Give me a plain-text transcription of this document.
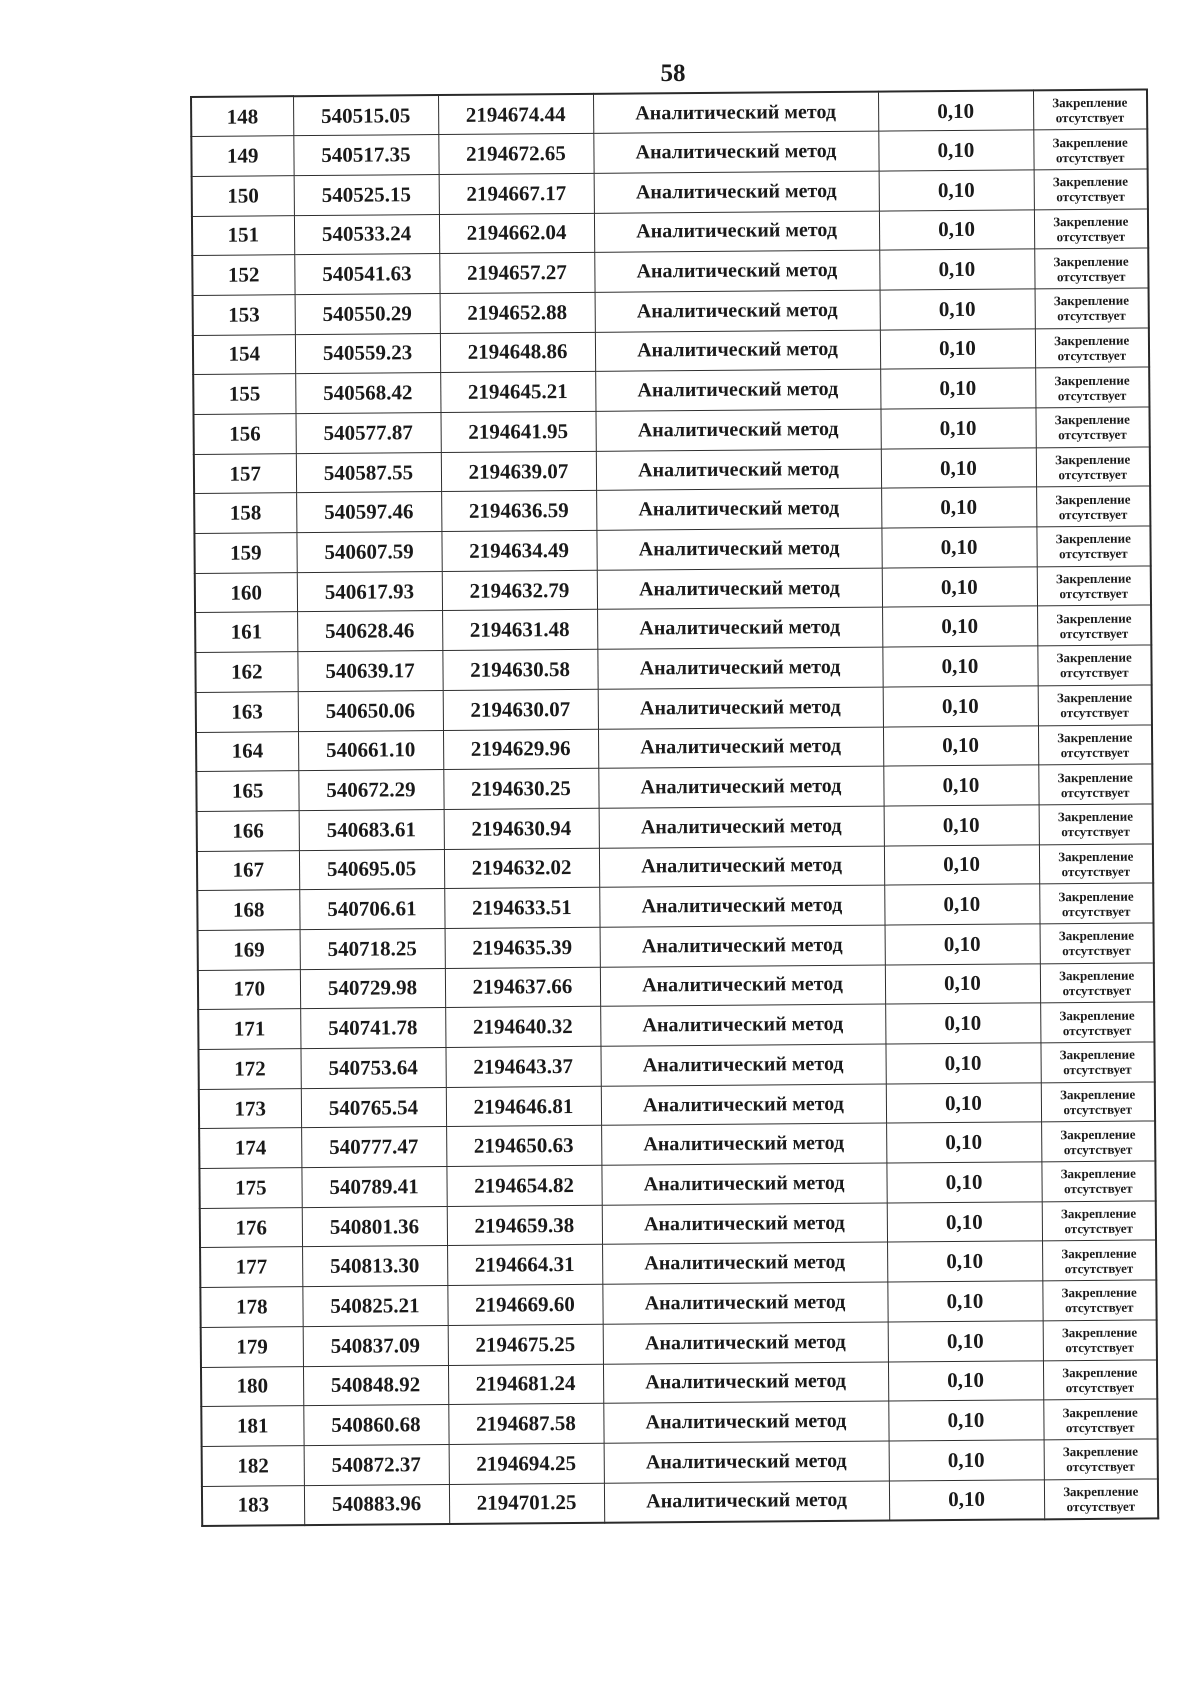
58
148	540515.05	2194674.44	Аналитический метод	0,10	Закрепление
отсутствует

149	540517.35	2194672.65	Аналитический метод	0,10	Закрепление
отсутствует

150	540525.15	2194667.17	Аналитический метод	0,10	Закрепление
отсутствует

151	540533.24	2194662.04	Аналитический метод	0,10	Закрепление
отсутствует

152	540541.63	2194657.27	Аналитический метод	0,10	Закрепление
отсутствует

153	540550.29	2194652.88	Аналитический метод	0,10	Закрепление
отсутствует

154	540559.23	2194648.86	Аналитический метод	0,10	Закрепление
отсутствует

155	540568.42	2194645.21	Аналитический метод	0,10	Закрепление
отсутствует

156	540577.87	2194641.95	Аналитический метод	0,10	Закрепление
отсутствует

157	540587.55	2194639.07	Аналитический метод	0,10	Закрепление
отсутствует

158	540597.46	2194636.59	Аналитический метод	0,10	Закрепление
отсутствует

159	540607.59	2194634.49	Аналитический метод	0,10	Закрепление
отсутствует

160	540617.93	2194632.79	Аналитический метод	0,10	Закрепление
отсутствует

161	540628.46	2194631.48	Аналитический метод	0,10	Закрепление
отсутствует

162	540639.17	2194630.58	Аналитический метод	0,10	Закрепление
отсутствует

163	540650.06	2194630.07	Аналитический метод	0,10	Закрепление
отсутствует

164	540661.10	2194629.96	Аналитический метод	0,10	Закрепление
отсутствует

165	540672.29	2194630.25	Аналитический метод	0,10	Закрепление
отсутствует

166	540683.61	2194630.94	Аналитический метод	0,10	Закрепление
отсутствует

167	540695.05	2194632.02	Аналитический метод	0,10	Закрепление
отсутствует

168	540706.61	2194633.51	Аналитический метод	0,10	Закрепление
отсутствует

169	540718.25	2194635.39	Аналитический метод	0,10	Закрепление
отсутствует

170	540729.98	2194637.66	Аналитический метод	0,10	Закрепление
отсутствует

171	540741.78	2194640.32	Аналитический метод	0,10	Закрепление
отсутствует

172	540753.64	2194643.37	Аналитический метод	0,10	Закрепление
отсутствует

173	540765.54	2194646.81	Аналитический метод	0,10	Закрепление
отсутствует

174	540777.47	2194650.63	Аналитический метод	0,10	Закрепление
отсутствует

175	540789.41	2194654.82	Аналитический метод	0,10	Закрепление
отсутствует

176	540801.36	2194659.38	Аналитический метод	0,10	Закрепление
отсутствует

177	540813.30	2194664.31	Аналитический метод	0,10	Закрепление
отсутствует

178	540825.21	2194669.60	Аналитический метод	0,10	Закрепление
отсутствует

179	540837.09	2194675.25	Аналитический метод	0,10	Закрепление
отсутствует

180	540848.92	2194681.24	Аналитический метод	0,10	Закрепление
отсутствует

181	540860.68	2194687.58	Аналитический метод	0,10	Закрепление
отсутствует

182	540872.37	2194694.25	Аналитический метод	0,10	Закрепление
отсутствует

183	540883.96	2194701.25	Аналитический метод	0,10	Закрепление
отсутствует
